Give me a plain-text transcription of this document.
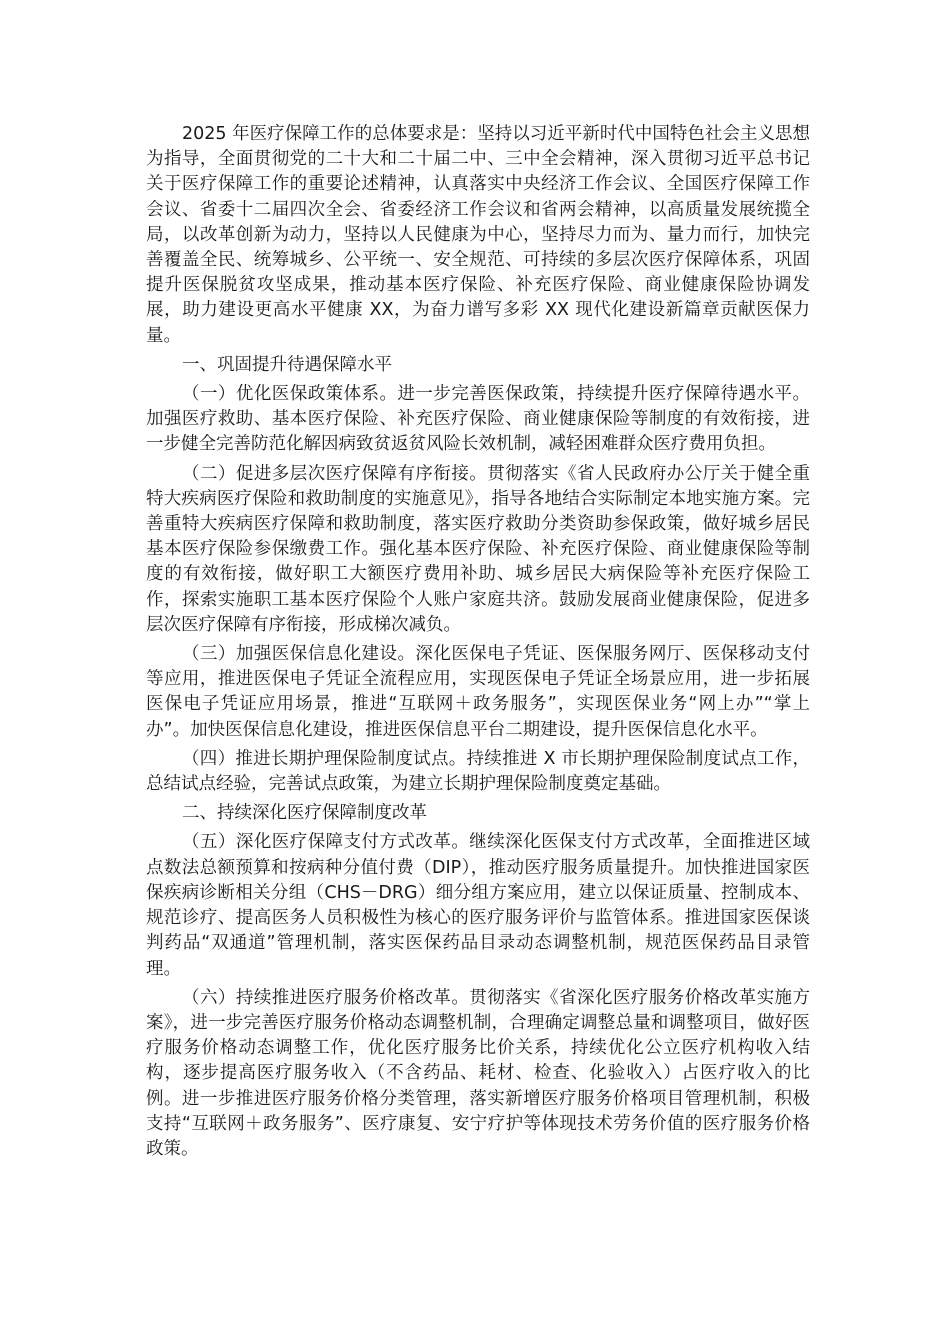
2025 年医疗保障工作的总体要求是：坚持以习近平新时代中国特色社会主义思想为指导，全面贯彻党的二十大和二十届二中、三中全会精神，深入贯彻习近平总书记关于医疗保障工作的重要论述精神，认真落实中央经济工作会议、全国医疗保障工作会议、省委十二届四次全会、省委经济工作会议和省两会精神，以高质量发展统揽全局，以改革创新为动力，坚持以人民健康为中心，坚持尽力而为、量力而行，加快完善覆盖全民、统筹城乡、公平统一、安全规范、可持续的多层次医疗保障体系，巩固提升医保脱贫攻坚成果，推动基本医疗保险、补充医疗保险、商业健康保险协调发展，助力建设更高水平健康 XX，为奋力谱写多彩 XX 现代化建设新篇章贡献医保力量。

一、巩固提升待遇保障水平

（一）优化医保政策体系。进一步完善医保政策，持续提升医疗保障待遇水平。加强医疗救助、基本医疗保险、补充医疗保险、商业健康保险等制度的有效衔接，进一步健全完善防范化解因病致贫返贫风险长效机制，减轻困难群众医疗费用负担。

（二）促进多层次医疗保障有序衔接。贯彻落实《省人民政府办公厅关于健全重特大疾病医疗保险和救助制度的实施意见》，指导各地结合实际制定本地实施方案。完善重特大疾病医疗保障和救助制度，落实医疗救助分类资助参保政策，做好城乡居民基本医疗保险参保缴费工作。强化基本医疗保险、补充医疗保险、商业健康保险等制度的有效衔接，做好职工大额医疗费用补助、城乡居民大病保险等补充医疗保险工作，探索实施职工基本医疗保险个人账户家庭共济。鼓励发展商业健康保险，促进多层次医疗保障有序衔接，形成梯次减负。

（三）加强医保信息化建设。深化医保电子凭证、医保服务网厅、医保移动支付等应用，推进医保电子凭证全流程应用，实现医保电子凭证全场景应用，进一步拓展医保电子凭证应用场景，推进“互联网＋政务服务”，实现医保业务“网上办”“掌上办”。加快医保信息化建设，推进医保信息平台二期建设，提升医保信息化水平。

（四）推进长期护理保险制度试点。持续推进 X 市长期护理保险制度试点工作，总结试点经验，完善试点政策，为建立长期护理保险制度奠定基础。

二、持续深化医疗保障制度改革

（五）深化医疗保障支付方式改革。继续深化医保支付方式改革，全面推进区域点数法总额预算和按病种分值付费（DIP），推动医疗服务质量提升。加快推进国家医保疾病诊断相关分组（CHS－DRG）细分组方案应用，建立以保证质量、控制成本、规范诊疗、提高医务人员积极性为核心的医疗服务评价与监管体系。推进国家医保谈判药品“双通道”管理机制，落实医保药品目录动态调整机制，规范医保药品目录管理。

（六）持续推进医疗服务价格改革。贯彻落实《省深化医疗服务价格改革实施方案》，进一步完善医疗服务价格动态调整机制，合理确定调整总量和调整项目，做好医疗服务价格动态调整工作，优化医疗服务比价关系，持续优化公立医疗机构收入结构，逐步提高医疗服务收入（不含药品、耗材、检查、化验收入）占医疗收入的比例。进一步推进医疗服务价格分类管理，落实新增医疗服务价格项目管理机制，积极支持“互联网＋政务服务”、医疗康复、安宁疗护等体现技术劳务价值的医疗服务价格政策。
